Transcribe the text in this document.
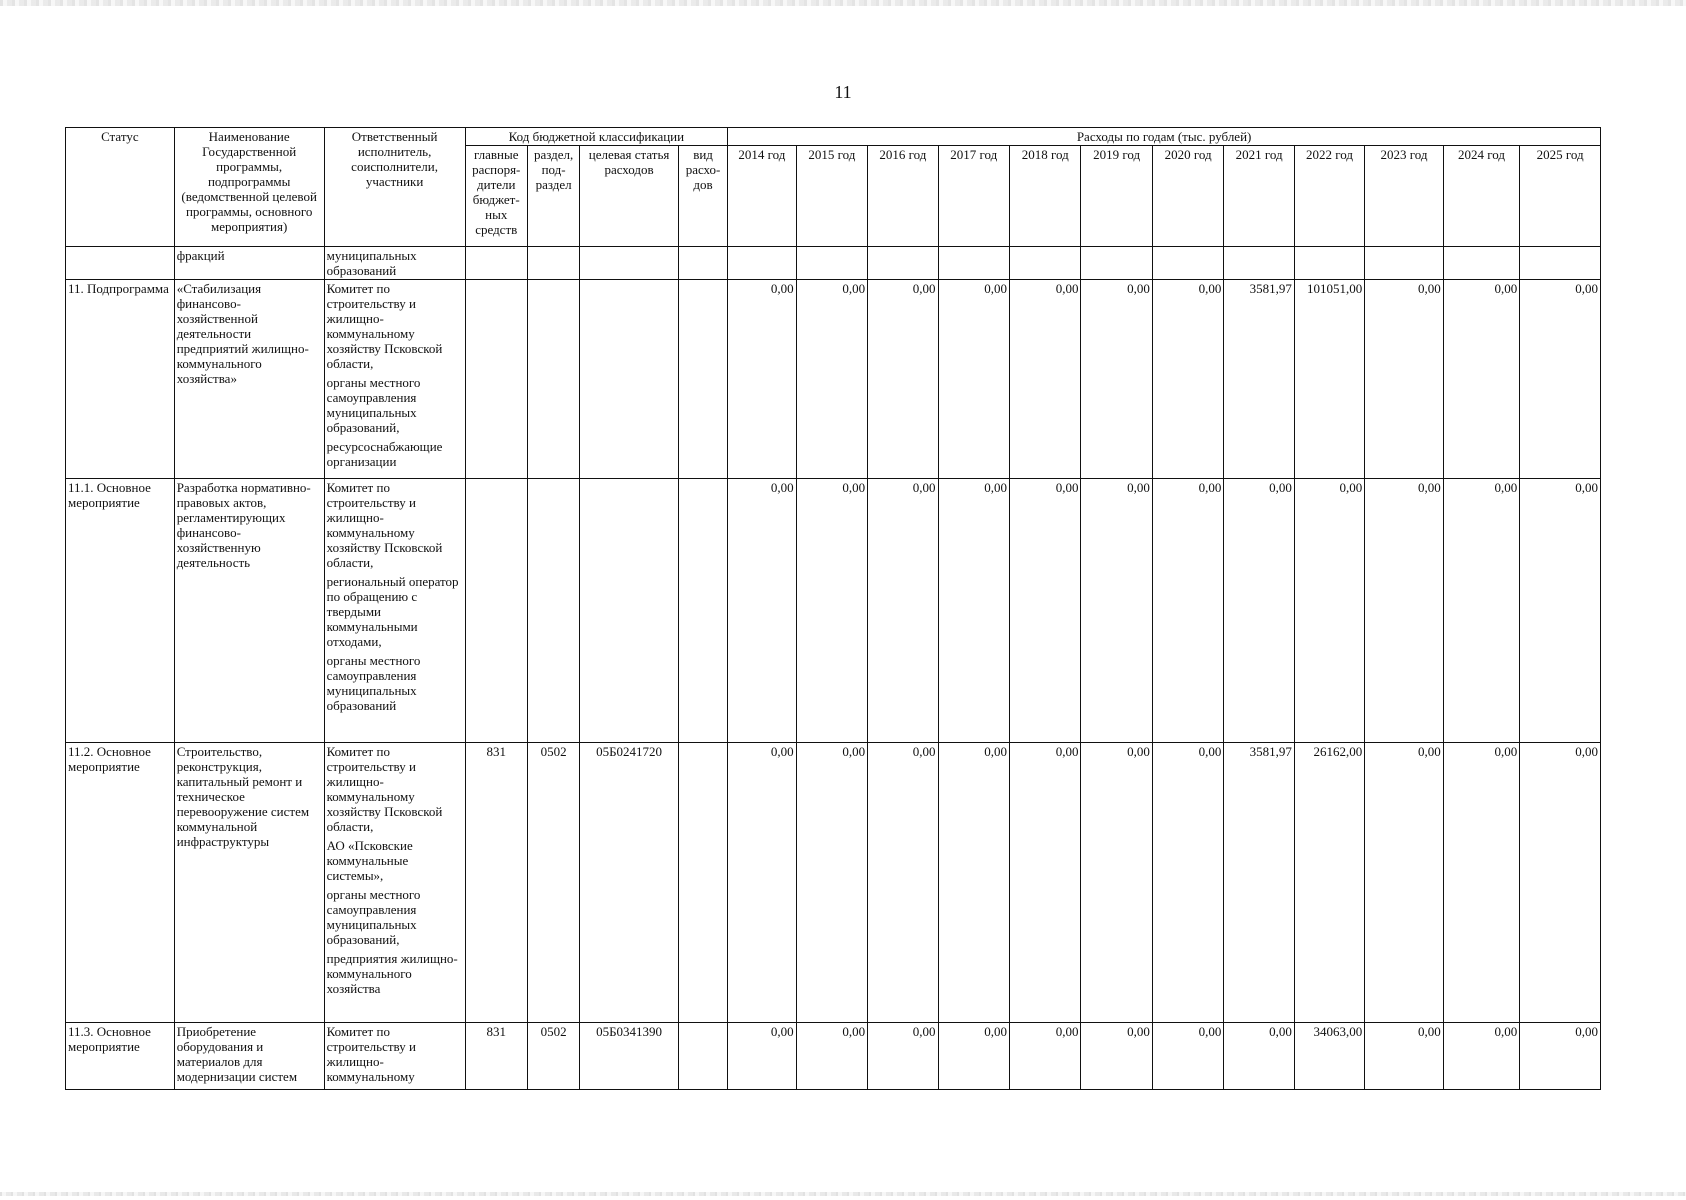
11
Статус	Наименование Государственной программы, подпрограммы (ведомственной целевой программы, основного мероприятия)	Ответственный исполнитель, соисполнители, участники	Код бюджетной классификации				Расходы по годам (тыс. рублей)											
			главные распоря-дители бюджет-ных средств	раздел, под-раздел	целевая статья расходов	вид расхо-дов	2014 год	2015 год	2016 год	2017 год	2018 год	2019 год	2020 год	2021 год	2022 год	2023 год	2024 год	2025 год
	фракций	муниципальных образований																

11. Подпрограмма	«Стабилизация финансово-хозяйственной деятельности предприятий жилищно-коммунального хозяйства»	Комитет по строительству и жилищно-коммунальному хозяйству Псковской области,
органы местного самоуправления муниципальных образований,
ресурсоснабжающие организации					0,00	0,00	0,00	0,00	0,00	0,00	0,00	3581,97	101051,00	0,00	0,00	0,00
11.1. Основное мероприятие	Разработка нормативно-правовых актов, регламентирующих финансово-хозяйственную деятельность	Комитет по строительству и жилищно-коммунальному хозяйству Псковской области,
региональный оператор по обращению с твердыми коммунальными отходами,
органы местного самоуправления муниципальных образований					0,00	0,00	0,00	0,00	0,00	0,00	0,00	0,00	0,00	0,00	0,00	0,00
11.2. Основное мероприятие	Строительство, реконструкция, капитальный ремонт и техническое перевооружение систем коммунальной инфраструктуры	Комитет по строительству и жилищно-коммунальному хозяйству Псковской области,
АО «Псковские коммунальные системы»,
органы местного самоуправления муниципальных образований,
предприятия жилищно-коммунального хозяйства	831	0502	05Б0241720		0,00	0,00	0,00	0,00	0,00	0,00	0,00	3581,97	26162,00	0,00	0,00	0,00
11.3. Основное мероприятие	Приобретение оборудования и материалов для модернизации систем	Комитет по строительству и жилищно-коммунальному	831	0502	05Б0341390		0,00	0,00	0,00	0,00	0,00	0,00	0,00	0,00	34063,00	0,00	0,00	0,00
